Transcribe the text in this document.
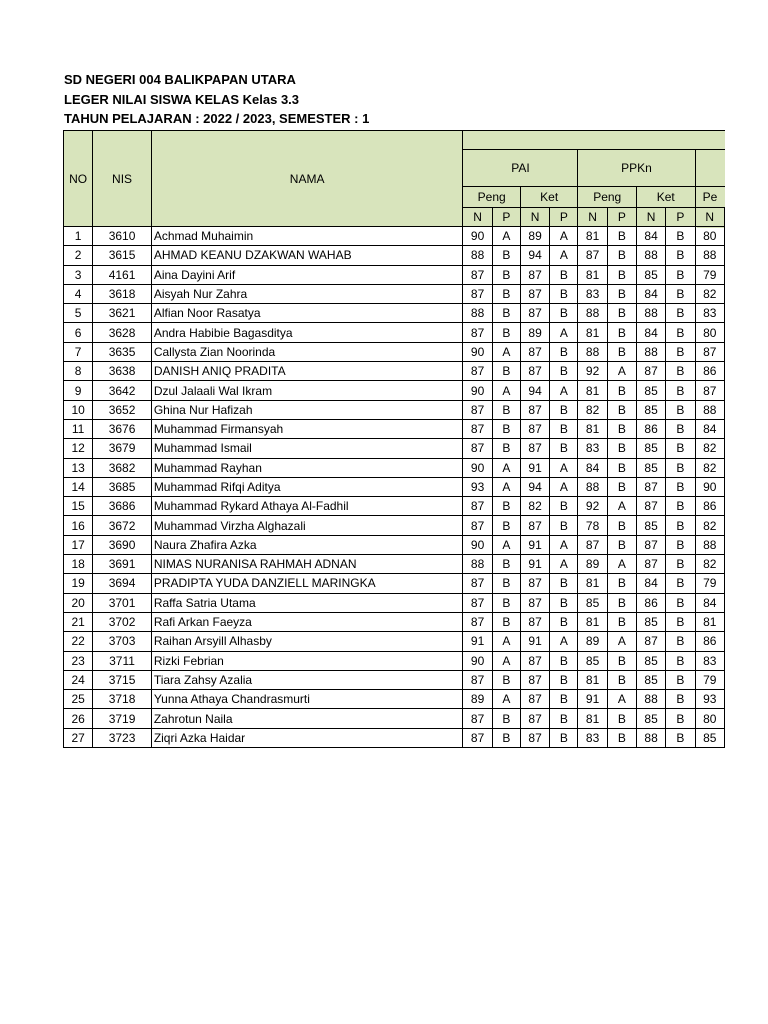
SD NEGERI 004 BALIKPAPAN UTARA
LEGER NILAI SISWA KELAS Kelas 3.3
TAHUN PELAJARAN : 2022 / 2023, SEMESTER : 1
NO	NIS	NAMA									
			PAI				PPKn				
			Peng		Ket		Peng		Ket		Pe
			N	P	N	P	N	P	N	P	N
1	3610	Achmad Muhaimin	90	A	89	A	81	B	84	B	80
2	3615	AHMAD KEANU DZAKWAN WAHAB	88	B	94	A	87	B	88	B	88
3	4161	Aina Dayini Arif	87	B	87	B	81	B	85	B	79
4	3618	Aisyah Nur Zahra	87	B	87	B	83	B	84	B	82
5	3621	Alfian Noor Rasatya	88	B	87	B	88	B	88	B	83
6	3628	Andra Habibie Bagasditya	87	B	89	A	81	B	84	B	80
7	3635	Callysta Zian Noorinda	90	A	87	B	88	B	88	B	87
8	3638	DANISH ANIQ PRADITA	87	B	87	B	92	A	87	B	86
9	3642	Dzul Jalaali Wal Ikram	90	A	94	A	81	B	85	B	87
10	3652	Ghina Nur Hafizah	87	B	87	B	82	B	85	B	88
11	3676	Muhammad Firmansyah	87	B	87	B	81	B	86	B	84
12	3679	Muhammad Ismail	87	B	87	B	83	B	85	B	82
13	3682	Muhammad Rayhan	90	A	91	A	84	B	85	B	82
14	3685	Muhammad Rifqi Aditya	93	A	94	A	88	B	87	B	90
15	3686	Muhammad Rykard Athaya Al-Fadhil	87	B	82	B	92	A	87	B	86
16	3672	Muhammad Virzha Alghazali	87	B	87	B	78	B	85	B	82
17	3690	Naura Zhafira Azka	90	A	91	A	87	B	87	B	88
18	3691	NIMAS NURANISA RAHMAH ADNAN	88	B	91	A	89	A	87	B	82
19	3694	PRADIPTA YUDA DANZIELL MARINGKA	87	B	87	B	81	B	84	B	79
20	3701	Raffa Satria Utama	87	B	87	B	85	B	86	B	84
21	3702	Rafi Arkan Faeyza	87	B	87	B	81	B	85	B	81
22	3703	Raihan Arsyill Alhasby	91	A	91	A	89	A	87	B	86
23	3711	Rizki Febrian	90	A	87	B	85	B	85	B	83
24	3715	Tiara Zahsy Azalia	87	B	87	B	81	B	85	B	79
25	3718	Yunna Athaya Chandrasmurti	89	A	87	B	91	A	88	B	93
26	3719	Zahrotun Naila	87	B	87	B	81	B	85	B	80
27	3723	Ziqri Azka Haidar	87	B	87	B	83	B	88	B	85
